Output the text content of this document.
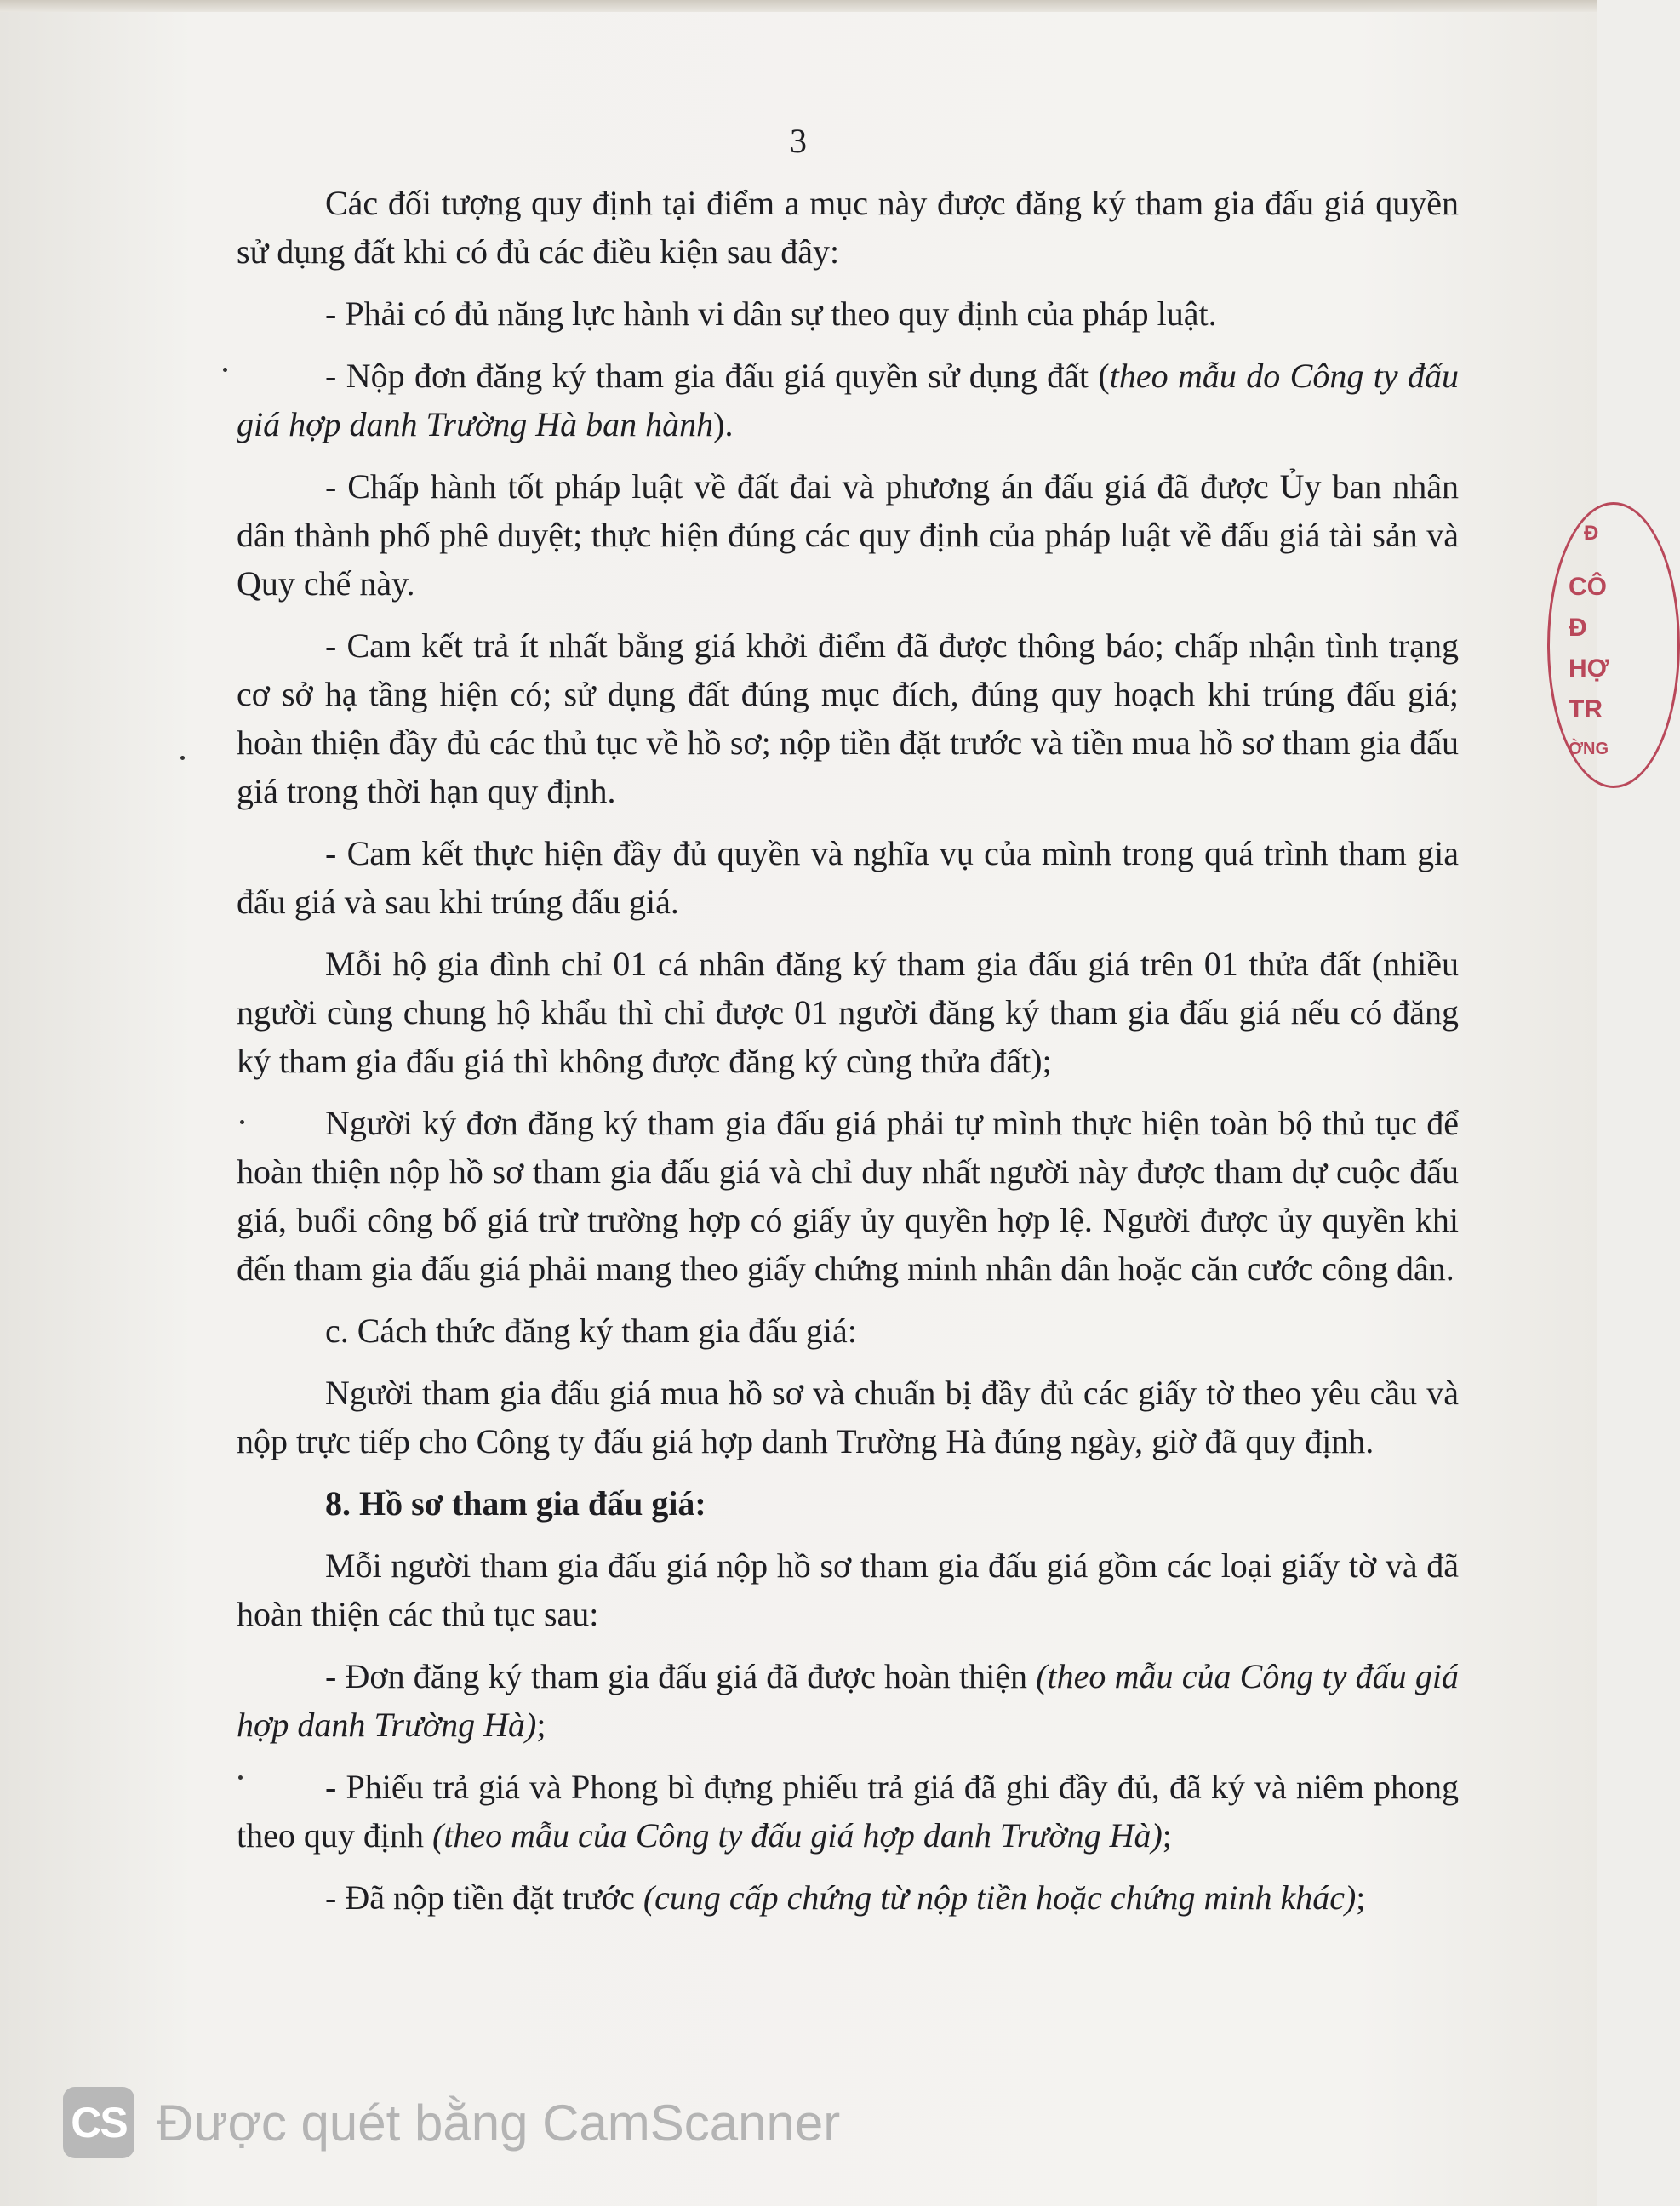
3

Các đối tượng quy định tại điểm a mục này được đăng ký tham gia đấu giá quyền sử dụng đất khi có đủ các điều kiện sau đây:

- Phải có đủ năng lực hành vi dân sự theo quy định của pháp luật.

- Nộp đơn đăng ký tham gia đấu giá quyền sử dụng đất (theo mẫu do Công ty đấu giá hợp danh Trường Hà ban hành).

- Chấp hành tốt pháp luật về đất đai và phương án đấu giá đã được Ủy ban nhân dân thành phố phê duyệt; thực hiện đúng các quy định của pháp luật về đấu giá tài sản và Quy chế này.

- Cam kết trả ít nhất bằng giá khởi điểm đã được thông báo; chấp nhận tình trạng cơ sở hạ tầng hiện có; sử dụng đất đúng mục đích, đúng quy hoạch khi trúng đấu giá; hoàn thiện đầy đủ các thủ tục về hồ sơ; nộp tiền đặt trước và tiền mua hồ sơ tham gia đấu giá trong thời hạn quy định.

- Cam kết thực hiện đầy đủ quyền và nghĩa vụ của mình trong quá trình tham gia đấu giá và sau khi trúng đấu giá.

Mỗi hộ gia đình chỉ 01 cá nhân đăng ký tham gia đấu giá trên 01 thửa đất (nhiều người cùng chung hộ khẩu thì chỉ được 01 người đăng ký tham gia đấu giá nếu có đăng ký tham gia đấu giá thì không được đăng ký cùng thửa đất);

Người ký đơn đăng ký tham gia đấu giá phải tự mình thực hiện toàn bộ thủ tục để hoàn thiện nộp hồ sơ tham gia đấu giá và chỉ duy nhất người này được tham dự cuộc đấu giá, buổi công bố giá trừ trường hợp có giấy ủy quyền hợp lệ. Người được ủy quyền khi đến tham gia đấu giá phải mang theo giấy chứng minh nhân dân hoặc căn cước công dân.

c. Cách thức đăng ký tham gia đấu giá:

Người tham gia đấu giá mua hồ sơ và chuẩn bị đầy đủ các giấy tờ theo yêu cầu và nộp trực tiếp cho Công ty đấu giá hợp danh Trường Hà đúng ngày, giờ đã quy định.

8. Hồ sơ tham gia đấu giá:

Mỗi người tham gia đấu giá nộp hồ sơ tham gia đấu giá gồm các loại giấy tờ và đã hoàn thiện các thủ tục sau:

- Đơn đăng ký tham gia đấu giá đã được hoàn thiện (theo mẫu của Công ty đấu giá hợp danh Trường Hà);

- Phiếu trả giá và Phong bì đựng phiếu trả giá đã ghi đầy đủ, đã ký và niêm phong theo quy định (theo mẫu của Công ty đấu giá hợp danh Trường Hà);

- Đã nộp tiền đặt trước (cung cấp chứng từ nộp tiền hoặc chứng minh khác);

Đ
CÔ
Đ
HỢ
TR
ỜNG
CS Được quét bằng CamScanner
